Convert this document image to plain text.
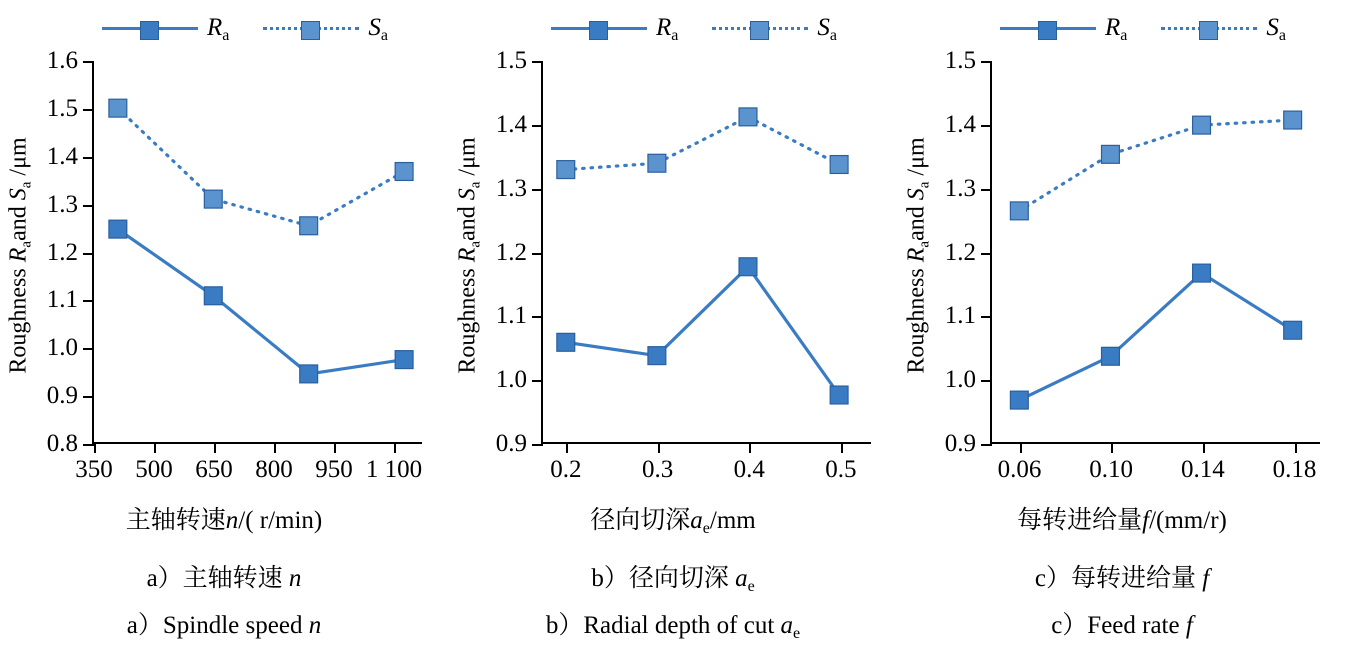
$R_a$	$S_a$
Roughness $R_aand$ $S_a$ /μm
0.8
0.9
1.0
1.1
1.2
1.3
1.4
1.5
1.6
350 500 650 800 950 1 100
主轴转速n/( r/min)
a）主轴转速 n
a）Spindle speed n
$R_a$	$S_a$
Roughness $R_aand$ $S_a$ /μm
0.9
1.0
1.1
1.2
1.3
1.4
1.5
0.2 0.3 0.4 0.5
径向切深$a_e/mm$
b）径向切深 $a_e$
b）Radial depth of cut $a_e$
$R_a$	$S_a$
Roughness $R_aand$ $S_a$ /μm
0.9
1.0
1.1
1.2
1.3
1.4
1.5
0.06 0.10 0.14 0.18
每转进给量f/(mm/r)
c）每转进给量 f
c）Feed rate f
